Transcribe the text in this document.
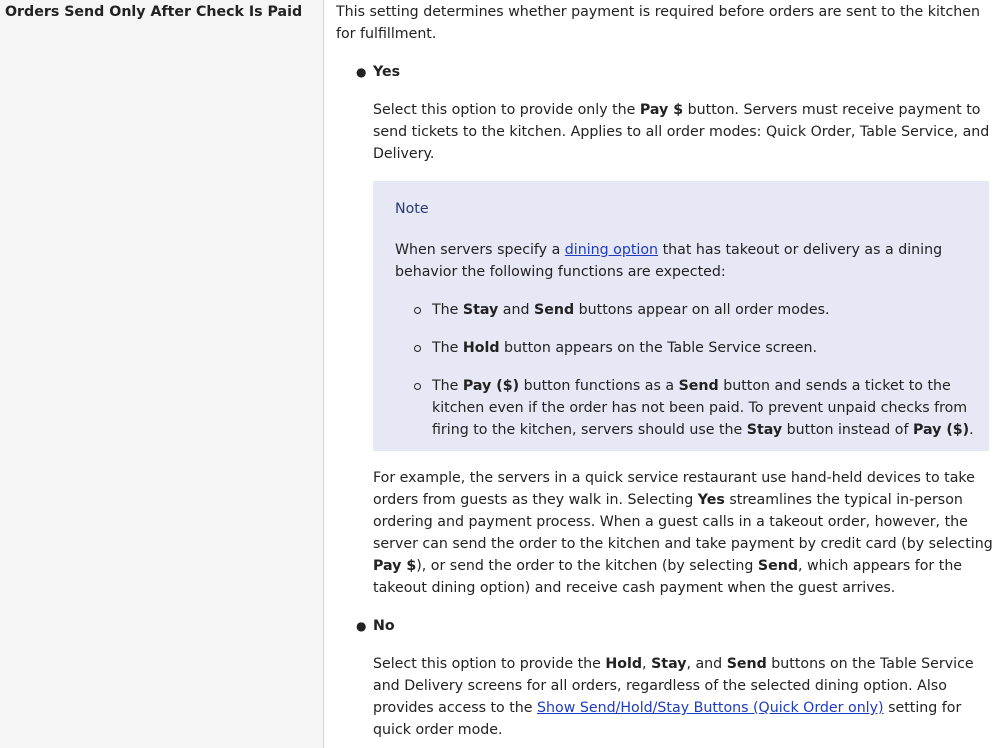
Orders Send Only After Check Is Paid This setting determines whether payment is required before orders are sent to the kitchen for fulfillment.

● Yes

Select this option to provide only the Pay $ button. Servers must receive payment to send tickets to the kitchen. Applies to all order modes: Quick Order, Table Service, and Delivery.

Note

When servers specify a dining option that has takeout or delivery as a dining behavior the following functions are expected:

The Stay and Send buttons appear on all order modes.
The Hold button appears on the Table Service screen.
The Pay ($) button functions as a Send button and sends a ticket to the kitchen even if the order has not been paid. To prevent unpaid checks from firing to the kitchen, servers should use the Stay button instead of Pay ($).

For example, the servers in a quick service restaurant use hand-held devices to take orders from guests as they walk in. Selecting Yes streamlines the typical in-person ordering and payment process. When a guest calls in a takeout order, however, the server can send the order to the kitchen and take payment by credit card (by selecting Pay $), or send the order to the kitchen (by selecting Send, which appears for the takeout dining option) and receive cash payment when the guest arrives.

● No

Select this option to provide the Hold, Stay, and Send buttons on the Table Service and Delivery screens for all orders, regardless of the selected dining option. Also provides access to the Show Send/Hold/Stay Buttons (Quick Order only) setting for quick order mode.
